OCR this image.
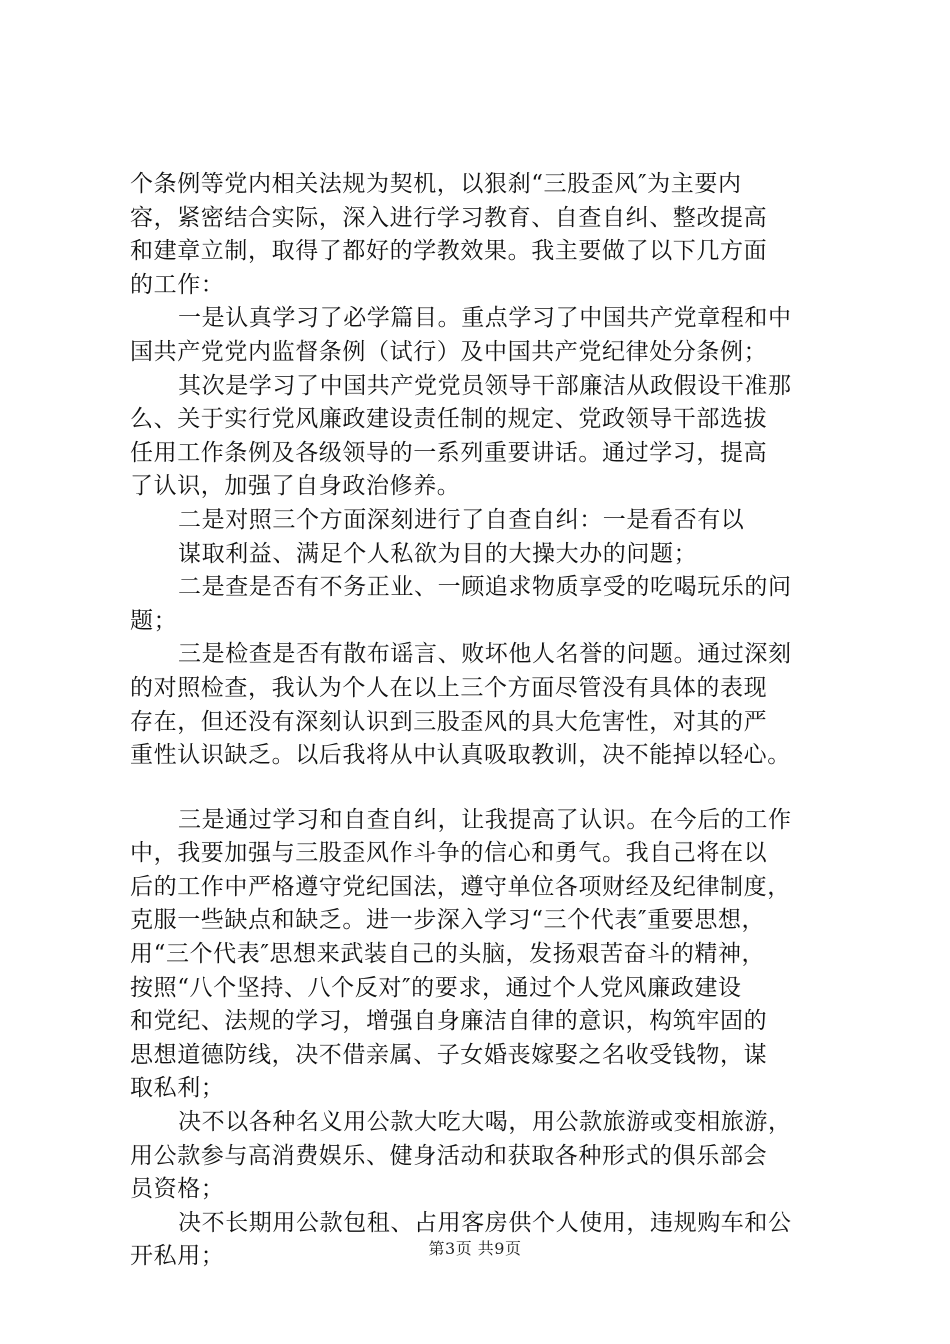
个条例等党内相关法规为契机，以狠刹“三股歪风″为主要内
容，紧密结合实际，深入进行学习教育、自查自纠、整改提高
和建章立制，取得了都好的学教效果。我主要做了以下几方面
的工作：
一是认真学习了必学篇目。重点学习了中国共产党章程和中
国共产党党内监督条例（试行）及中国共产党纪律处分条例；
其次是学习了中国共产党党员领导干部廉洁从政假设干准那
么、关于实行党风廉政建设责任制的规定、党政领导干部选拔
任用工作条例及各级领导的一系列重要讲话。通过学习，提高
了认识，加强了自身政治修养。
二是对照三个方面深刻进行了自查自纠：一是看否有以
谋取利益、满足个人私欲为目的大操大办的问题；
二是查是否有不务正业、一顾追求物质享受的吃喝玩乐的问
题；
三是检查是否有散布谣言、败坏他人名誉的问题。通过深刻
的对照检查，我认为个人在以上三个方面尽管没有具体的表现
存在，但还没有深刻认识到三股歪风的具大危害性，对其的严
重性认识缺乏。以后我将从中认真吸取教训，决不能掉以轻心。
三是通过学习和自查自纠，让我提高了认识。在今后的工作
中，我要加强与三股歪风作斗争的信心和勇气。我自己将在以
后的工作中严格遵守党纪国法，遵守单位各项财经及纪律制度，
克服一些缺点和缺乏。进一步深入学习“三个代表″重要思想，
用“三个代表″思想来武装自己的头脑，发扬艰苦奋斗的精神，
按照“八个坚持、八个反对″的要求，通过个人党风廉政建设
和党纪、法规的学习，增强自身廉洁自律的意识，构筑牢固的
思想道德防线，决不借亲属、子女婚丧嫁娶之名收受钱物，谋
取私利；
决不以各种名义用公款大吃大喝，用公款旅游或变相旅游，
用公款参与高消费娱乐、健身活动和获取各种形式的俱乐部会
员资格；
决不长期用公款包租、占用客房供个人使用，违规购车和公
开私用；	第3页 共9页
